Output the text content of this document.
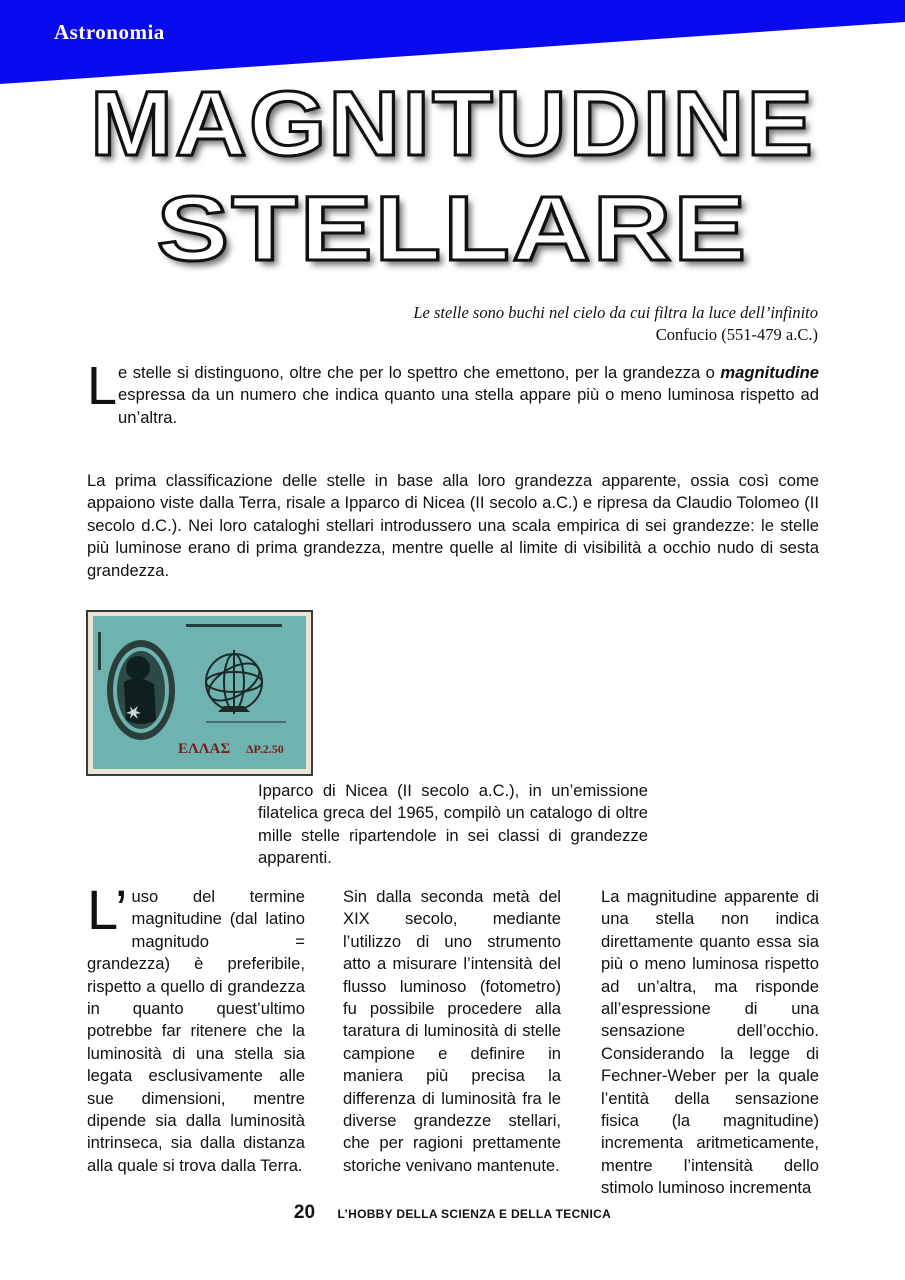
Astronomia
MAGNITUDINE
STELLARE
Le stelle sono buchi nel cielo da cui filtra la luce dell’infinito
Confucio (551-479 a.C.)

Le stelle si distinguono, oltre che per lo spettro che emettono, per la grandezza o magnitudine espressa da un numero che indica quanto una stella appare più o meno luminosa rispetto ad un’altra.

La prima classificazione delle stelle in base alla loro grandezza apparente, ossia così come appaiono viste dalla Terra, risale a Ipparco di Nicea (II secolo a.C.) e ripresa da Claudio Tolomeo (II secolo d.C.). Nei loro cataloghi stellari introdussero una scala empirica di sei grandezze: le stelle più luminose erano di prima grandezza, mentre quelle al limite di visibilità a occhio nudo di sesta grandezza.

ΕΛΛΑΣ ΔΡ.2.50

Ipparco di Nicea (II secolo a.C.), in un’emissione filatelica greca del 1965, compilò un catalogo di oltre mille stelle ripartendole in sei classi di grandezze apparenti.

L’ uso del termine magnitudine (dal latino magnitudo = grandezza) è preferibile, rispetto a quello di grandezza in quanto quest’ultimo potrebbe far ritenere che la luminosità di una stella sia legata esclusivamente alle sue dimensioni, mentre dipende sia dalla luminosità intrinseca, sia dalla distanza alla quale si trova dalla Terra.

Sin dalla seconda metà del XIX secolo, mediante l’utilizzo di uno strumento atto a misurare l’intensità del flusso luminoso (fotometro) fu possibile procedere alla taratura di luminosità di stelle campione e definire in maniera più precisa la differenza di luminosità fra le diverse grandezze stellari, che per ragioni prettamente storiche venivano mantenute.

La magnitudine apparente di una stella non indica direttamente quanto essa sia più o meno luminosa rispetto ad un’altra, ma risponde all’espressione di una sensazione dell’occhio. Considerando la legge di Fechner-Weber per la quale l’entità della sensazione fisica (la magnitudine) incrementa aritmeticamente, mentre l’intensità dello stimolo luminoso incrementa

20 L’HOBBY DELLA SCIENZA E DELLA TECNICA
